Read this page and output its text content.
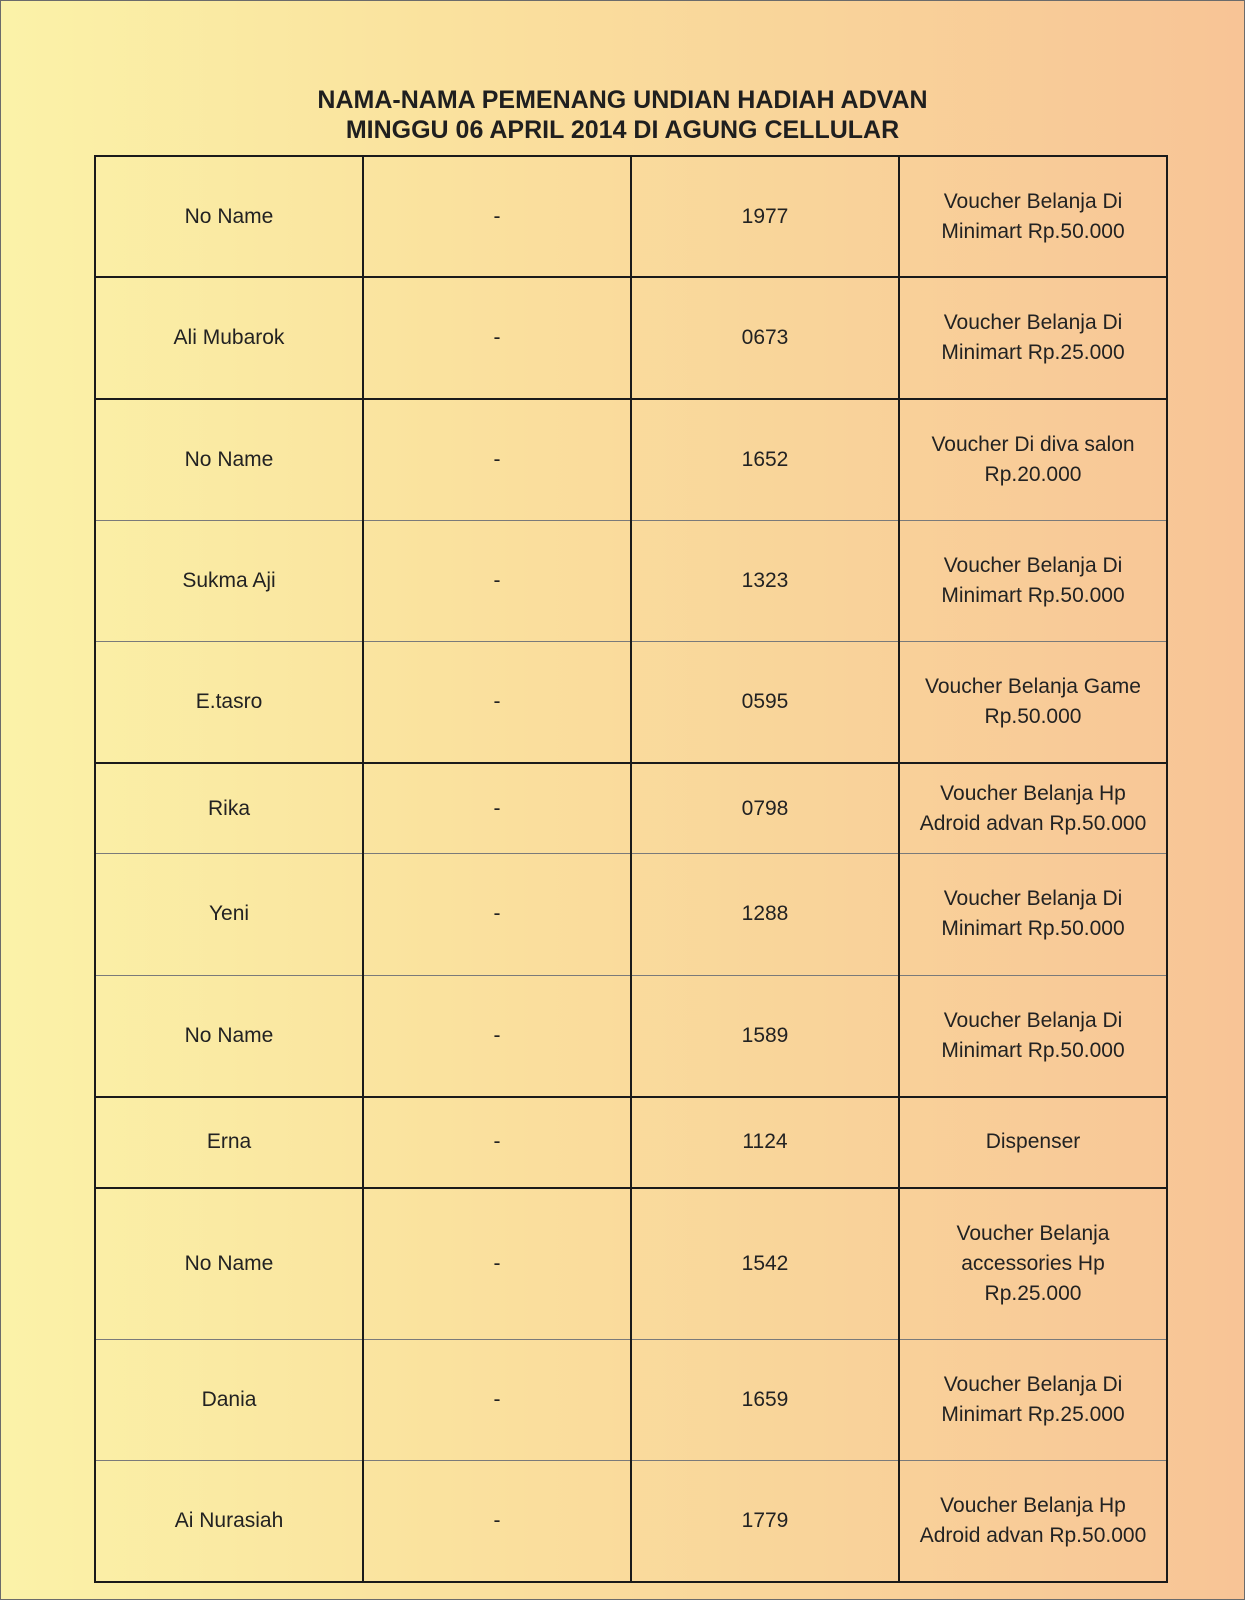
NAMA-NAMA PEMENANG UNDIAN HADIAH ADVAN
MINGGU 06 APRIL 2014 DI AGUNG CELLULAR
No Name	-	1977	Voucher Belanja Di
Minimart Rp.50.000
Ali Mubarok	-	0673	Voucher Belanja Di
Minimart Rp.25.000
No Name	-	1652	Voucher Di diva salon
Rp.20.000
Sukma Aji	-	1323	Voucher Belanja Di
Minimart Rp.50.000
E.tasro	-	0595	Voucher Belanja Game
Rp.50.000
Rika	-	0798	Voucher Belanja Hp
Adroid advan Rp.50.000
Yeni	-	1288	Voucher Belanja Di
Minimart Rp.50.000
No Name	-	1589	Voucher Belanja Di
Minimart Rp.50.000
Erna	-	1124	Dispenser
No Name	-	1542	Voucher Belanja
accessories Hp
Rp.25.000
Dania	-	1659	Voucher Belanja Di
Minimart Rp.25.000
Ai Nurasiah	-	1779	Voucher Belanja Hp
Adroid advan Rp.50.000
